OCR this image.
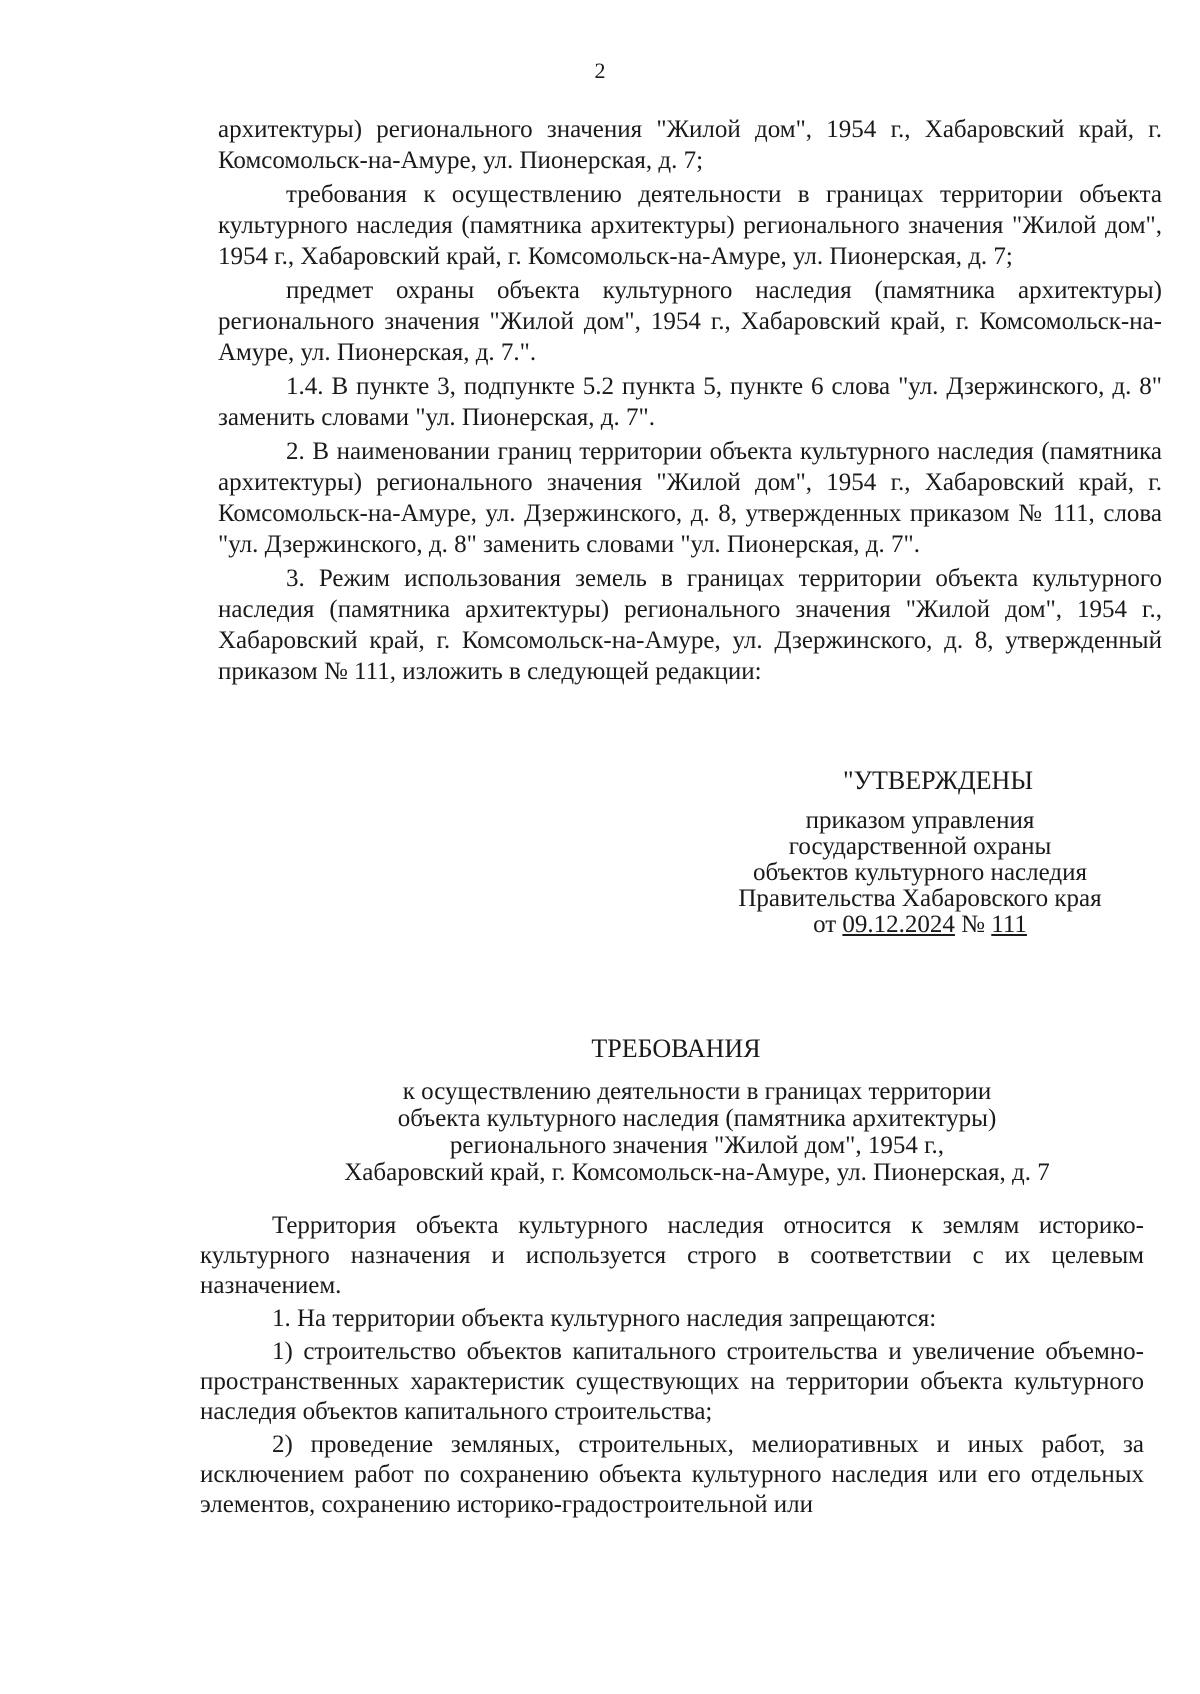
2

архитектуры) регионального значения "Жилой дом", 1954 г., Хабаровский край, г. Комсомольск-на-Амуре, ул. Пионерская, д. 7;

требования к осуществлению деятельности в границах территории объекта культурного наследия (памятника архитектуры) регионального значения "Жилой дом", 1954 г., Хабаровский край, г. Комсомольск-на-Амуре, ул. Пионерская, д. 7;

предмет охраны объекта культурного наследия (памятника архитектуры) регионального значения "Жилой дом", 1954 г., Хабаровский край, г. Комсомольск-на-Амуре, ул. Пионерская, д. 7.".

1.4. В пункте 3, подпункте 5.2 пункта 5, пункте 6 слова "ул. Дзержинского, д. 8" заменить словами "ул. Пионерская, д. 7".

2. В наименовании границ территории объекта культурного наследия (памятника архитектуры) регионального значения "Жилой дом", 1954 г., Хабаровский край, г. Комсомольск-на-Амуре, ул. Дзержинского, д. 8, утвержденных приказом № 111, слова "ул. Дзержинского, д. 8" заменить словами "ул. Пионерская, д. 7".

3. Режим использования земель в границах территории объекта культурного наследия (памятника архитектуры) регионального значения "Жилой дом", 1954 г., Хабаровский край, г. Комсомольск-на-Амуре, ул. Дзержинского, д. 8, утвержденный приказом № 111, изложить в следующей редакции:

"УТВЕРЖДЕНЫ
приказом управления
государственной охраны
объектов культурного наследия
Правительства Хабаровского края
от 09.12.2024 № 111
ТРЕБОВАНИЯ
к осуществлению деятельности в границах территории
объекта культурного наследия (памятника архитектуры)
регионального значения "Жилой дом", 1954 г.,
Хабаровский край, г. Комсомольск-на-Амуре, ул. Пионерская, д. 7

Территория объекта культурного наследия относится к землям историко-культурного назначения и используется строго в соответствии с их целевым назначением.

1. На территории объекта культурного наследия запрещаются:

1) строительство объектов капитального строительства и увеличение объемно-пространственных характеристик существующих на территории объекта культурного наследия объектов капитального строительства;

2) проведение земляных, строительных, мелиоративных и иных работ, за исключением работ по сохранению объекта культурного наследия или его отдельных элементов, сохранению историко-градостроительной или
